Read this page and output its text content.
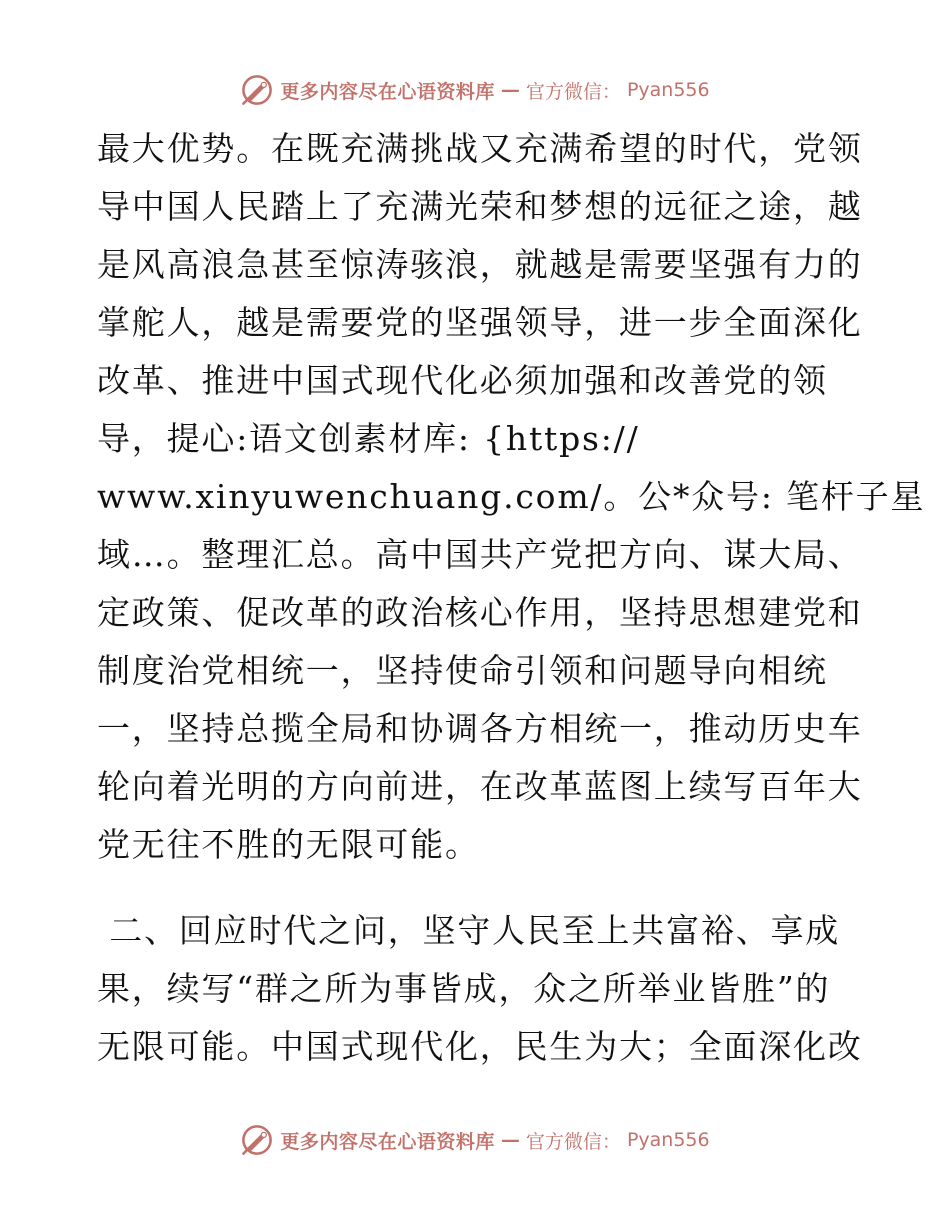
更多内容尽在心语资料库 — 官方微信： Pyan556
最大优势。在既充满挑战又充满希望的时代，党领
导中国人民踏上了充满光荣和梦想的远征之途，越
是风高浪急甚至惊涛骇浪，就越是需要坚强有力的
掌舵人，越是需要党的坚强领导，进一步全面深化
改革、推进中国式现代化必须加强和改善党的领
导，提心:语文创素材库: {https://
www.xinyuwenchuang.com/。公*众号: 笔杆子星
域…。整理汇总。高中国共产党把方向、谋大局、
定政策、促改革的政治核心作用，坚持思想建党和
制度治党相统一，坚持使命引领和问题导向相统
一，坚持总揽全局和协调各方相统一，推动历史车
轮向着光明的方向前进，在改革蓝图上续写百年大
党无往不胜的无限可能。
二、回应时代之问，坚守人民至上共富裕、享成
果，续写“群之所为事皆成，众之所举业皆胜”的
无限可能。中国式现代化，民生为大；全面深化改
更多内容尽在心语资料库 — 官方微信： Pyan556
